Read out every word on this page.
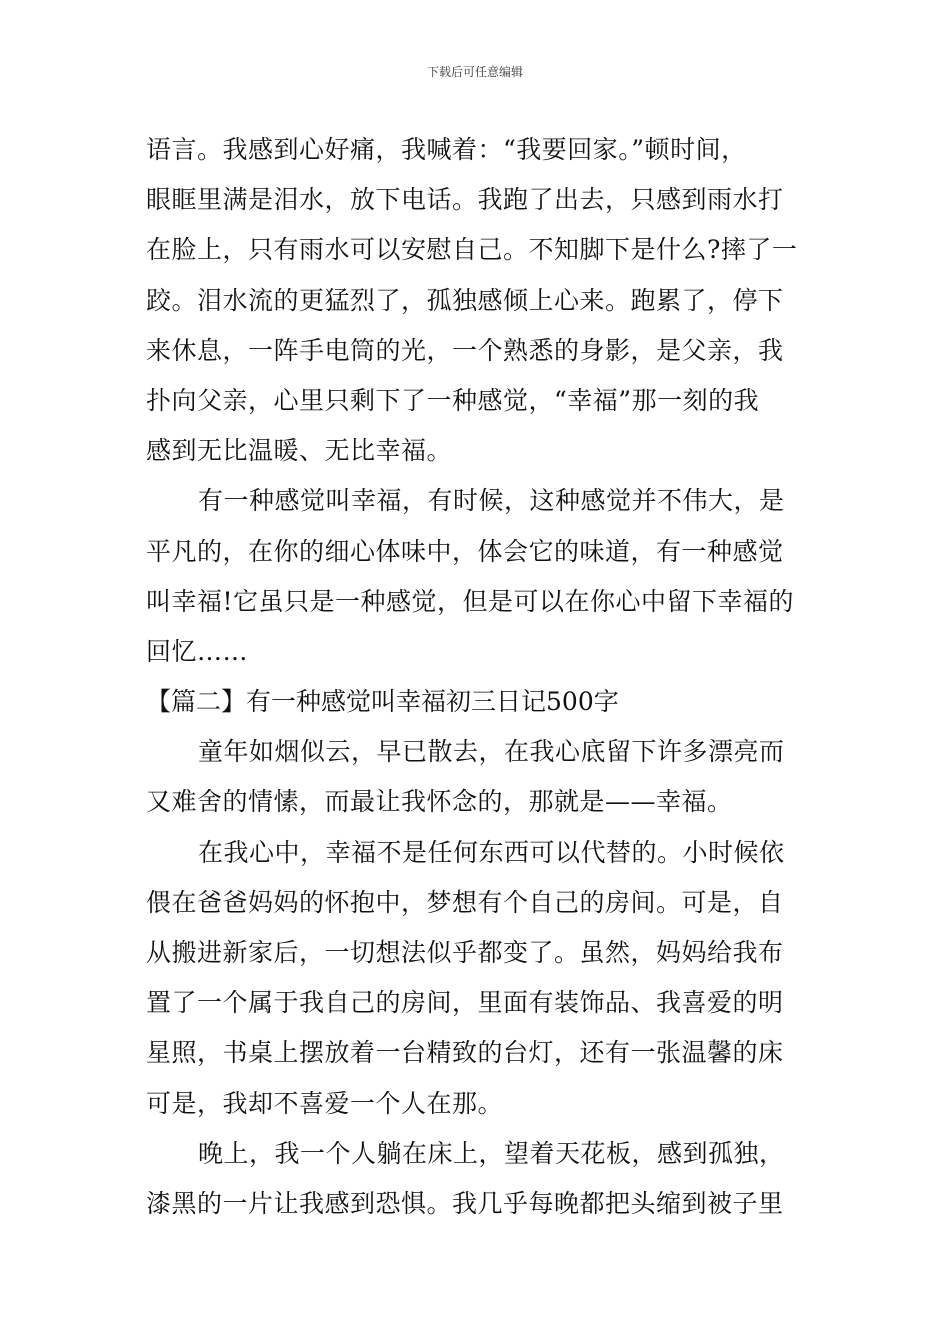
下载后可任意编辑
语言。我感到心好痛，我喊着：“我要回家。”顿时间，
眼眶里满是泪水，放下电话。我跑了出去，只感到雨水打
在脸上，只有雨水可以安慰自己。不知脚下是什么?摔了一
跤。泪水流的更猛烈了，孤独感倾上心来。跑累了，停下
来休息，一阵手电筒的光，一个熟悉的身影，是父亲，我
扑向父亲，心里只剩下了一种感觉，“幸福”那一刻的我
感到无比温暖、无比幸福。
有一种感觉叫幸福，有时候，这种感觉并不伟大，是
平凡的，在你的细心体味中，体会它的味道，有一种感觉
叫幸福!它虽只是一种感觉，但是可以在你心中留下幸福的
回忆……
【篇二】有一种感觉叫幸福初三日记500字
童年如烟似云，早已散去，在我心底留下许多漂亮而
又难舍的情愫，而最让我怀念的，那就是——幸福。
在我心中，幸福不是任何东西可以代替的。小时候依
偎在爸爸妈妈的怀抱中，梦想有个自己的房间。可是，自
从搬进新家后，一切想法似乎都变了。虽然，妈妈给我布
置了一个属于我自己的房间，里面有装饰品、我喜爱的明
星照，书桌上摆放着一台精致的台灯，还有一张温馨的床
可是，我却不喜爱一个人在那。
晚上，我一个人躺在床上，望着天花板，感到孤独，
漆黑的一片让我感到恐惧。我几乎每晚都把头缩到被子里
